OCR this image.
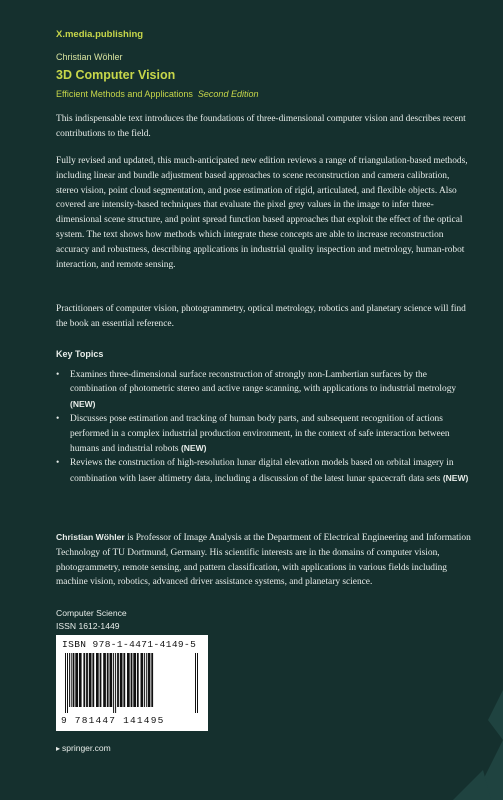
X.media.publishing
Christian Wöhler
3D Computer Vision
Efficient Methods and Applications Second Edition

This indispensable text introduces the foundations of three-dimensional computer vision and describes recent contributions to the field.

Fully revised and updated, this much-anticipated new edition reviews a range of triangulation-based methods, including linear and bundle adjustment based approaches to scene reconstruction and camera calibration, stereo vision, point cloud segmentation, and pose estimation of rigid, articulated, and flexible objects. Also covered are intensity-based techniques that evaluate the pixel grey values in the image to infer three-dimensional scene structure, and point spread function based approaches that exploit the effect of the optical system. The text shows how methods which integrate these concepts are able to increase reconstruction accuracy and robustness, describing applications in industrial quality inspection and metrology, human-robot interaction, and remote sensing.

Practitioners of computer vision, photogrammetry, optical metrology, robotics and planetary science will find the book an essential reference.

Key Topics
• Examines three-dimensional surface reconstruction of strongly non-Lambertian surfaces by the combination of photometric stereo and active range scanning, with applications to industrial metrology (NEW)
• Discusses pose estimation and tracking of human body parts, and subsequent recognition of actions performed in a complex industrial production environment, in the context of safe interaction between humans and industrial robots (NEW)
• Reviews the construction of high-resolution lunar digital elevation models based on orbital imagery in combination with laser altimetry data, including a discussion of the latest lunar spacecraft data sets (NEW)

Christian Wöhler is Professor of Image Analysis at the Department of Electrical Engineering and Information Technology of TU Dortmund, Germany. His scientific interests are in the domains of computer vision, photogrammetry, remote sensing, and pattern classification, with applications in various fields including machine vision, robotics, advanced driver assistance systems, and planetary science.

Computer Science
ISSN 1612-1449
ISBN 978-1-4471-4149-5
9 781447 141495
▸ springer.com
